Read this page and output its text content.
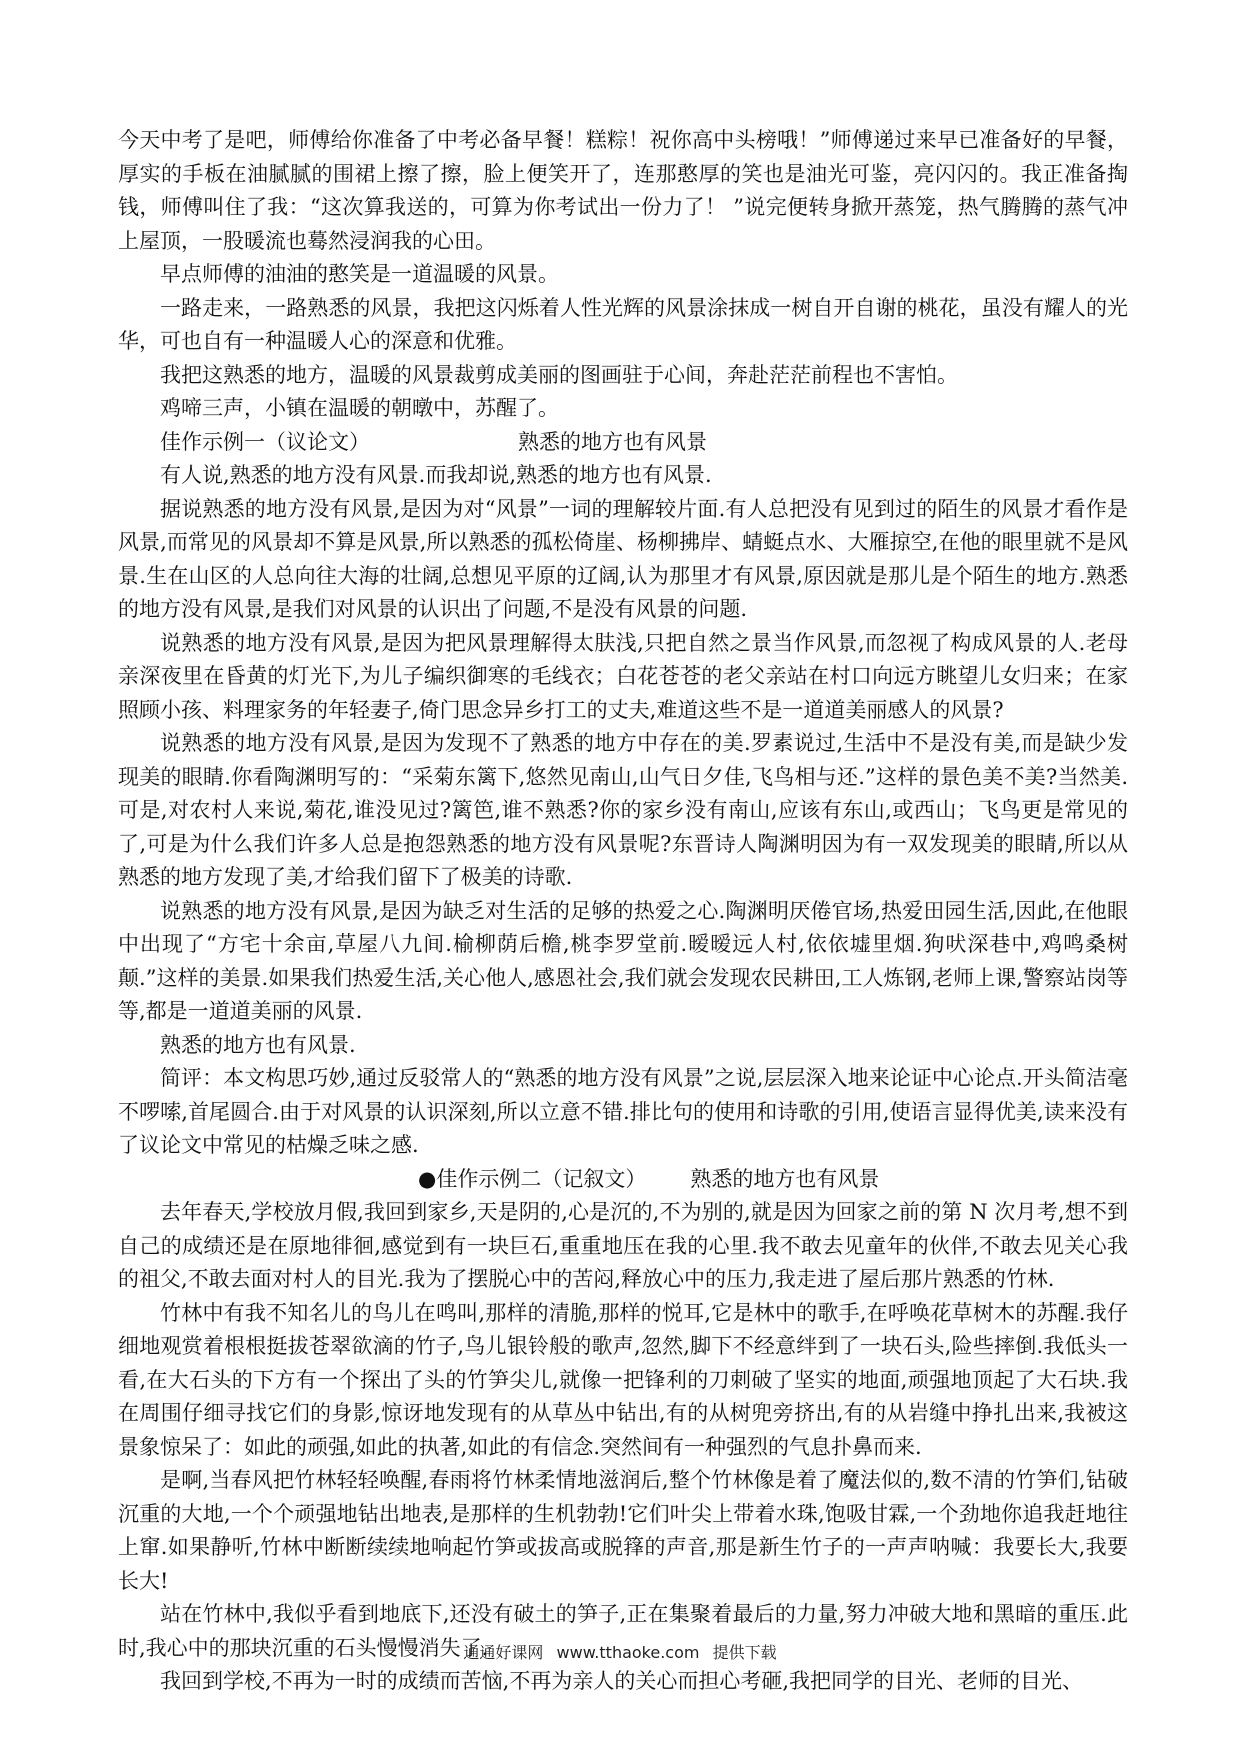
今天中考了是吧，师傅给你准备了中考必备早餐！糕粽！祝你高中头榜哦！”师傅递过来早已准备好的早餐，厚实的手板在油腻腻的围裙上擦了擦，脸上便笑开了，连那憨厚的笑也是油光可鉴，亮闪闪的。我正准备掏钱，师傅叫住了我：“这次算我送的，可算为你考试出一份力了！ ”说完便转身掀开蒸笼，热气腾腾的蒸气冲上屋顶，一股暖流也蓦然浸润我的心田。

早点师傅的油油的憨笑是一道温暖的风景。

一路走来，一路熟悉的风景，我把这闪烁着人性光辉的风景涂抹成一树自开自谢的桃花，虽没有耀人的光华，可也自有一种温暖人心的深意和优雅。

我把这熟悉的地方，温暖的风景裁剪成美丽的图画驻于心间，奔赴茫茫前程也不害怕。

鸡啼三声，小镇在温暖的朝暾中，苏醒了。

佳作示例一（议论文）	熟悉的地方也有风景

有人说,熟悉的地方没有风景.而我却说,熟悉的地方也有风景.

据说熟悉的地方没有风景,是因为对“风景”一词的理解较片面.有人总把没有见到过的陌生的风景才看作是风景,而常见的风景却不算是风景,所以熟悉的孤松倚崖、杨柳拂岸、蜻蜓点水、大雁掠空,在他的眼里就不是风景.生在山区的人总向往大海的壮阔,总想见平原的辽阔,认为那里才有风景,原因就是那儿是个陌生的地方.熟悉的地方没有风景,是我们对风景的认识出了问题,不是没有风景的问题.

说熟悉的地方没有风景,是因为把风景理解得太肤浅,只把自然之景当作风景,而忽视了构成风景的人.老母亲深夜里在昏黄的灯光下,为儿子编织御寒的毛线衣；白花苍苍的老父亲站在村口向远方眺望儿女归来；在家照顾小孩、料理家务的年轻妻子,倚门思念异乡打工的丈夫,难道这些不是一道道美丽感人的风景?

说熟悉的地方没有风景,是因为发现不了熟悉的地方中存在的美.罗素说过,生活中不是没有美,而是缺少发现美的眼睛.你看陶渊明写的：“采菊东篱下,悠然见南山,山气日夕佳,飞鸟相与还.”这样的景色美不美?当然美.可是,对农村人来说,菊花,谁没见过?篱笆,谁不熟悉?你的家乡没有南山,应该有东山,或西山；飞鸟更是常见的了,可是为什么我们许多人总是抱怨熟悉的地方没有风景呢?东晋诗人陶渊明因为有一双发现美的眼睛,所以从熟悉的地方发现了美,才给我们留下了极美的诗歌.

说熟悉的地方没有风景,是因为缺乏对生活的足够的热爱之心.陶渊明厌倦官场,热爱田园生活,因此,在他眼中出现了“方宅十余亩,草屋八九间.榆柳荫后檐,桃李罗堂前.暧暧远人村,依依墟里烟.狗吠深巷中,鸡鸣桑树颠.”这样的美景.如果我们热爱生活,关心他人,感恩社会,我们就会发现农民耕田,工人炼钢,老师上课,警察站岗等等,都是一道道美丽的风景.

熟悉的地方也有风景.

简评：本文构思巧妙,通过反驳常人的“熟悉的地方没有风景”之说,层层深入地来论证中心论点.开头简洁毫不啰嗦,首尾圆合.由于对风景的认识深刻,所以立意不错.排比句的使用和诗歌的引用,使语言显得优美,读来没有了议论文中常见的枯燥乏味之感.

●佳作示例二（记叙文） 熟悉的地方也有风景

去年春天,学校放月假,我回到家乡,天是阴的,心是沉的,不为别的,就是因为回家之前的第 N 次月考,想不到自己的成绩还是在原地徘徊,感觉到有一块巨石,重重地压在我的心里.我不敢去见童年的伙伴,不敢去见关心我的祖父,不敢去面对村人的目光.我为了摆脱心中的苦闷,释放心中的压力,我走进了屋后那片熟悉的竹林.

竹林中有我不知名儿的鸟儿在鸣叫,那样的清脆,那样的悦耳,它是林中的歌手,在呼唤花草树木的苏醒.我仔细地观赏着根根挺拔苍翠欲滴的竹子,鸟儿银铃般的歌声,忽然,脚下不经意绊到了一块石头,险些摔倒.我低头一看,在大石头的下方有一个探出了头的竹笋尖儿,就像一把锋利的刀刺破了坚实的地面,顽强地顶起了大石块.我在周围仔细寻找它们的身影,惊讶地发现有的从草丛中钻出,有的从树兜旁挤出,有的从岩缝中挣扎出来,我被这景象惊呆了：如此的顽强,如此的执著,如此的有信念.突然间有一种强烈的气息扑鼻而来.

是啊,当春风把竹林轻轻唤醒,春雨将竹林柔情地滋润后,整个竹林像是着了魔法似的,数不清的竹笋们,钻破沉重的大地,一个个顽强地钻出地表,是那样的生机勃勃!它们叶尖上带着水珠,饱吸甘霖,一个劲地你追我赶地往上窜.如果静听,竹林中断断续续地响起竹笋或拔高或脱箨的声音,那是新生竹子的一声声呐喊：我要长大,我要长大!

站在竹林中,我似乎看到地底下,还没有破土的笋子,正在集聚着最后的力量,努力冲破大地和黑暗的重压.此时,我心中的那块沉重的石头慢慢消失了.

我回到学校,不再为一时的成绩而苦恼,不再为亲人的关心而担心考砸,我把同学的目光、老师的目光、

通通好课网 www.tthaoke.com 提供下载
